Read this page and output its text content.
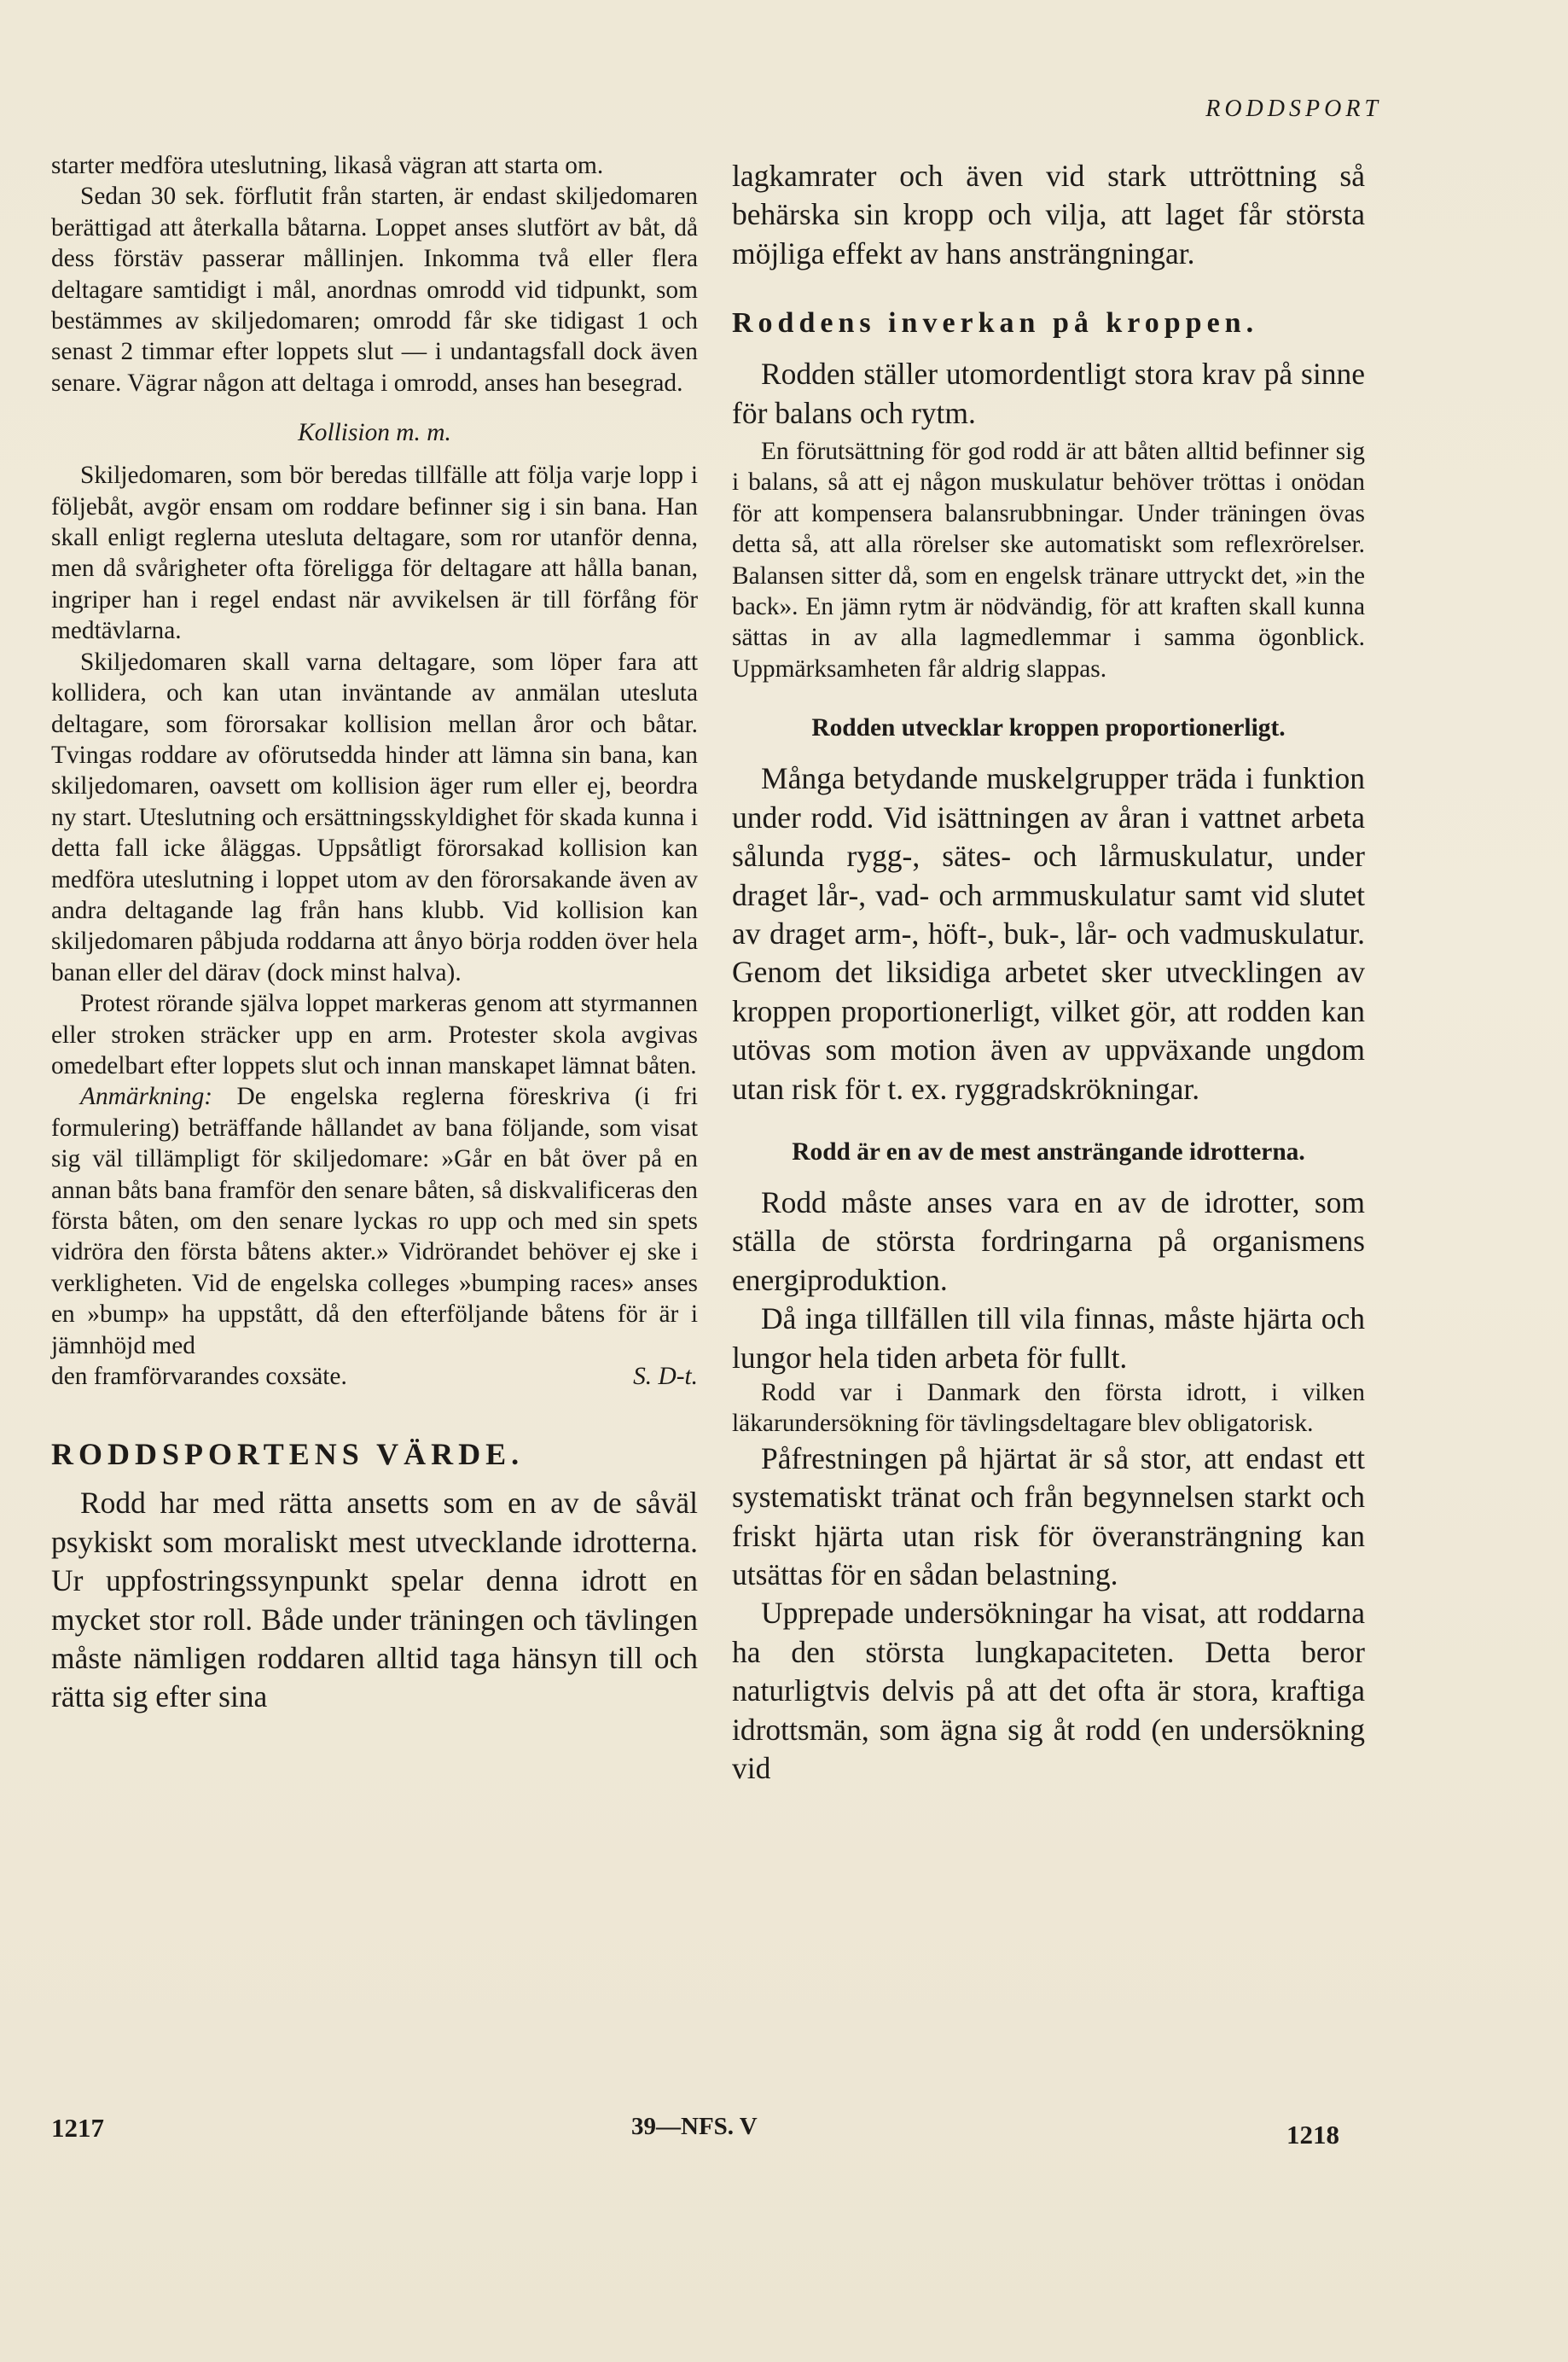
RODDSPORT

starter medföra uteslutning, likaså vägran att starta om.

Sedan 30 sek. förflutit från starten, är endast skiljedomaren berättigad att återkalla båtarna. Loppet anses slutfört av båt, då dess förstäv passerar mållinjen. Inkomma två eller flera deltagare samtidigt i mål, anordnas omrodd vid tidpunkt, som bestämmes av skiljedomaren; omrodd får ske tidigast 1 och senast 2 timmar efter loppets slut — i undantagsfall dock även senare. Vägrar någon att deltaga i omrodd, anses han besegrad.

Kollision m. m.

Skiljedomaren, som bör beredas tillfälle att följa varje lopp i följebåt, avgör ensam om roddare befinner sig i sin bana. Han skall enligt reglerna utesluta deltagare, som ror utanför denna, men då svårigheter ofta föreligga för deltagare att hålla banan, ingriper han i regel endast när avvikelsen är till förfång för medtävlarna.

Skiljedomaren skall varna deltagare, som löper fara att kollidera, och kan utan inväntande av anmälan utesluta deltagare, som förorsakar kollision mellan åror och båtar. Tvingas roddare av oförutsedda hinder att lämna sin bana, kan skiljedomaren, oavsett om kollision äger rum eller ej, beordra ny start. Uteslutning och ersättningsskyldighet för skada kunna i detta fall icke åläggas. Uppsåtligt förorsakad kollision kan medföra uteslutning i loppet utom av den förorsakande även av andra deltagande lag från hans klubb. Vid kollision kan skiljedomaren påbjuda roddarna att ånyo börja rodden över hela banan eller del därav (dock minst halva).

Protest rörande själva loppet markeras genom att styrmannen eller stroken sträcker upp en arm. Protester skola avgivas omedelbart efter loppets slut och innan manskapet lämnat båten.

Anmärkning: De engelska reglerna föreskriva (i fri formulering) beträffande hållandet av bana följande, som visat sig väl tillämpligt för skiljedomare: »Går en båt över på en annan båts bana framför den senare båten, så diskvalificeras den första båten, om den senare lyckas ro upp och med sin spets vidröra den första båtens akter.» Vidrörandet behöver ej ske i verkligheten. Vid de engelska colleges »bumping races» anses en »bump» ha uppstått, då den efterföljande båtens för är i jämnhöjd med

den framförvarandes coxsäte.	S. D-t.
RODDSPORTENS VÄRDE.

Rodd har med rätta ansetts som en av de såväl psykiskt som moraliskt mest utvecklande idrotterna. Ur uppfostringssynpunkt spelar denna idrott en mycket stor roll. Både under träningen och tävlingen måste nämligen roddaren alltid taga hänsyn till och rätta sig efter sina

lagkamrater och även vid stark uttröttning så behärska sin kropp och vilja, att laget får största möjliga effekt av hans ansträngningar.

Roddens inverkan på kroppen.

Rodden ställer utomordentligt stora krav på sinne för balans och rytm.

En förutsättning för god rodd är att båten alltid befinner sig i balans, så att ej någon muskulatur behöver tröttas i onödan för att kompensera balansrubbningar. Under träningen övas detta så, att alla rörelser ske automatiskt som reflexrörelser. Balansen sitter då, som en engelsk tränare uttryckt det, »in the back». En jämn rytm är nödvändig, för att kraften skall kunna sättas in av alla lagmedlemmar i samma ögonblick. Uppmärksamheten får aldrig slappas.

Rodden utvecklar kroppen proportionerligt.

Många betydande muskelgrupper träda i funktion under rodd. Vid isättningen av åran i vattnet arbeta sålunda rygg-, sätes- och lårmuskulatur, under draget lår-, vad- och armmuskulatur samt vid slutet av draget arm-, höft-, buk-, lår- och vadmuskulatur. Genom det liksidiga arbetet sker utvecklingen av kroppen proportionerligt, vilket gör, att rodden kan utövas som motion även av uppväxande ungdom utan risk för t. ex. ryggradskrökningar.

Rodd är en av de mest ansträngande idrotterna.

Rodd måste anses vara en av de idrotter, som ställa de största fordringarna på organismens energiproduktion.

Då inga tillfällen till vila finnas, måste hjärta och lungor hela tiden arbeta för fullt.

Rodd var i Danmark den första idrott, i vilken läkarundersökning för tävlingsdeltagare blev obligatorisk.

Påfrestningen på hjärtat är så stor, att endast ett systematiskt tränat och från begynnelsen starkt och friskt hjärta utan risk för överansträngning kan utsättas för en sådan belastning.

Upprepade undersökningar ha visat, att roddarna ha den största lungkapaciteten. Detta beror naturligtvis delvis på att det ofta är stora, kraftiga idrottsmän, som ägna sig åt rodd (en undersökning vid

1217	39—NFS. V	1218
